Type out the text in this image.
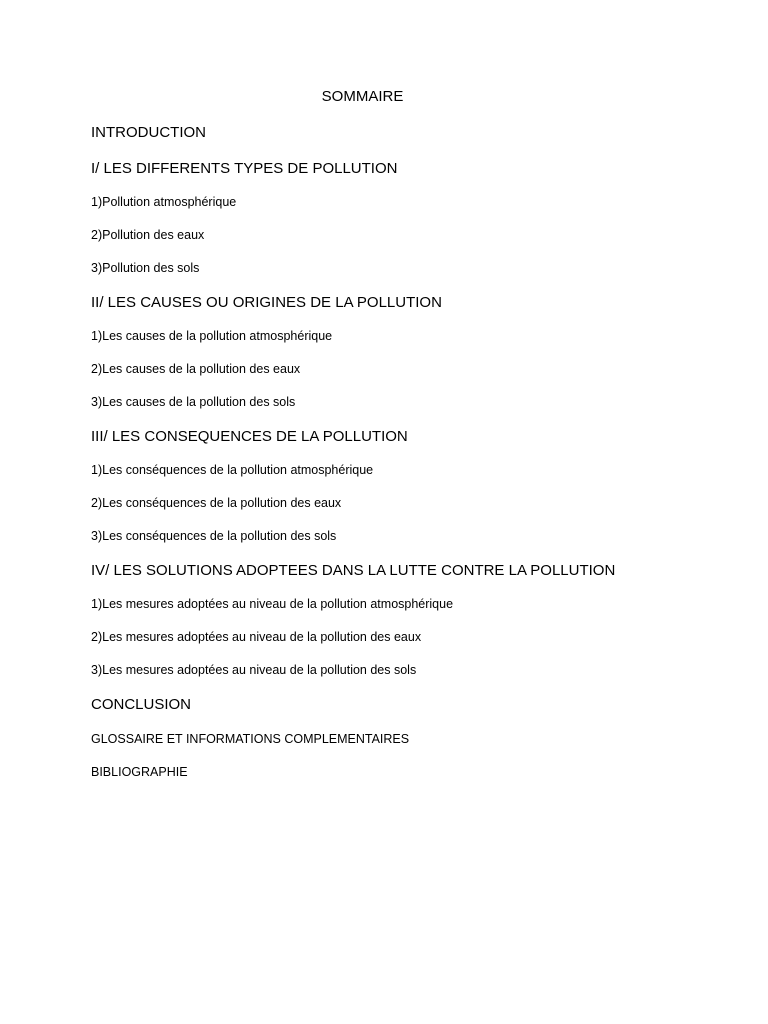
SOMMAIRE
INTRODUCTION
I/ LES DIFFERENTS TYPES DE POLLUTION
1)Pollution atmosphérique
2)Pollution des eaux
3)Pollution des sols
II/ LES CAUSES OU ORIGINES DE LA POLLUTION
1)Les causes de la pollution atmosphérique
2)Les causes de la pollution des eaux
3)Les causes de la pollution des sols
III/ LES CONSEQUENCES DE LA POLLUTION
1)Les conséquences de la pollution atmosphérique
2)Les conséquences de la pollution des eaux
3)Les conséquences de la pollution des sols
IV/ LES SOLUTIONS ADOPTEES DANS LA LUTTE CONTRE LA POLLUTION
1)Les mesures adoptées au niveau de la pollution atmosphérique
2)Les mesures adoptées au niveau de la pollution des eaux
3)Les mesures adoptées au niveau de la pollution des sols
CONCLUSION
GLOSSAIRE ET INFORMATIONS COMPLEMENTAIRES
BIBLIOGRAPHIE
